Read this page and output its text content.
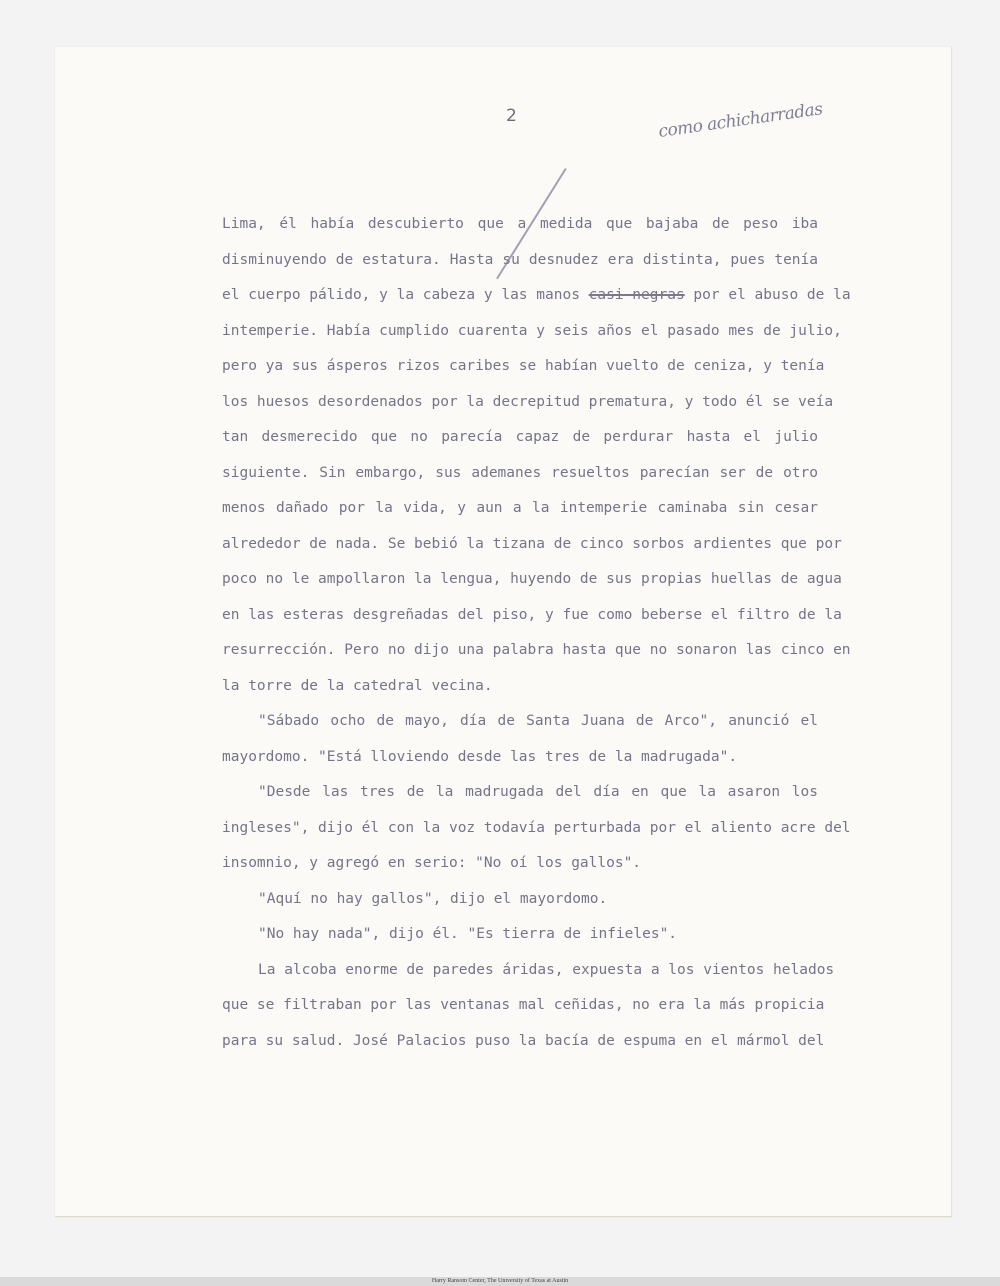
2	como achicharradas
Lima, él había descubierto que a medida que bajaba de peso iba
disminuyendo de estatura. Hasta su desnudez era distinta, pues tenía
el cuerpo pálido, y la cabeza y las manos casi negras por el abuso de la
intemperie. Había cumplido cuarenta y seis años el pasado mes de julio,
pero ya sus ásperos rizos caribes se habían vuelto de ceniza, y tenía
los huesos desordenados por la decrepitud prematura, y todo él se veía
tan desmerecido que no parecía capaz de perdurar hasta el julio
siguiente. Sin embargo, sus ademanes resueltos parecían ser de otro
menos dañado por la vida, y aun a la intemperie caminaba sin cesar
alrededor de nada. Se bebió la tizana de cinco sorbos ardientes que por
poco no le ampollaron la lengua, huyendo de sus propias huellas de agua
en las esteras desgreñadas del piso, y fue como beberse el filtro de la
resurrección. Pero no dijo una palabra hasta que no sonaron las cinco en
la torre de la catedral vecina.
"Sábado ocho de mayo, día de Santa Juana de Arco", anunció el
mayordomo. "Está lloviendo desde las tres de la madrugada".
"Desde las tres de la madrugada del día en que la asaron los
ingleses", dijo él con la voz todavía perturbada por el aliento acre del
insomnio, y agregó en serio: "No oí los gallos".
"Aquí no hay gallos", dijo el mayordomo.
"No hay nada", dijo él. "Es tierra de infieles".
La alcoba enorme de paredes áridas, expuesta a los vientos helados
que se filtraban por las ventanas mal ceñidas, no era la más propicia
para su salud. José Palacios puso la bacía de espuma en el mármol del
Harry Ransom Center, The University of Texas at Austin
